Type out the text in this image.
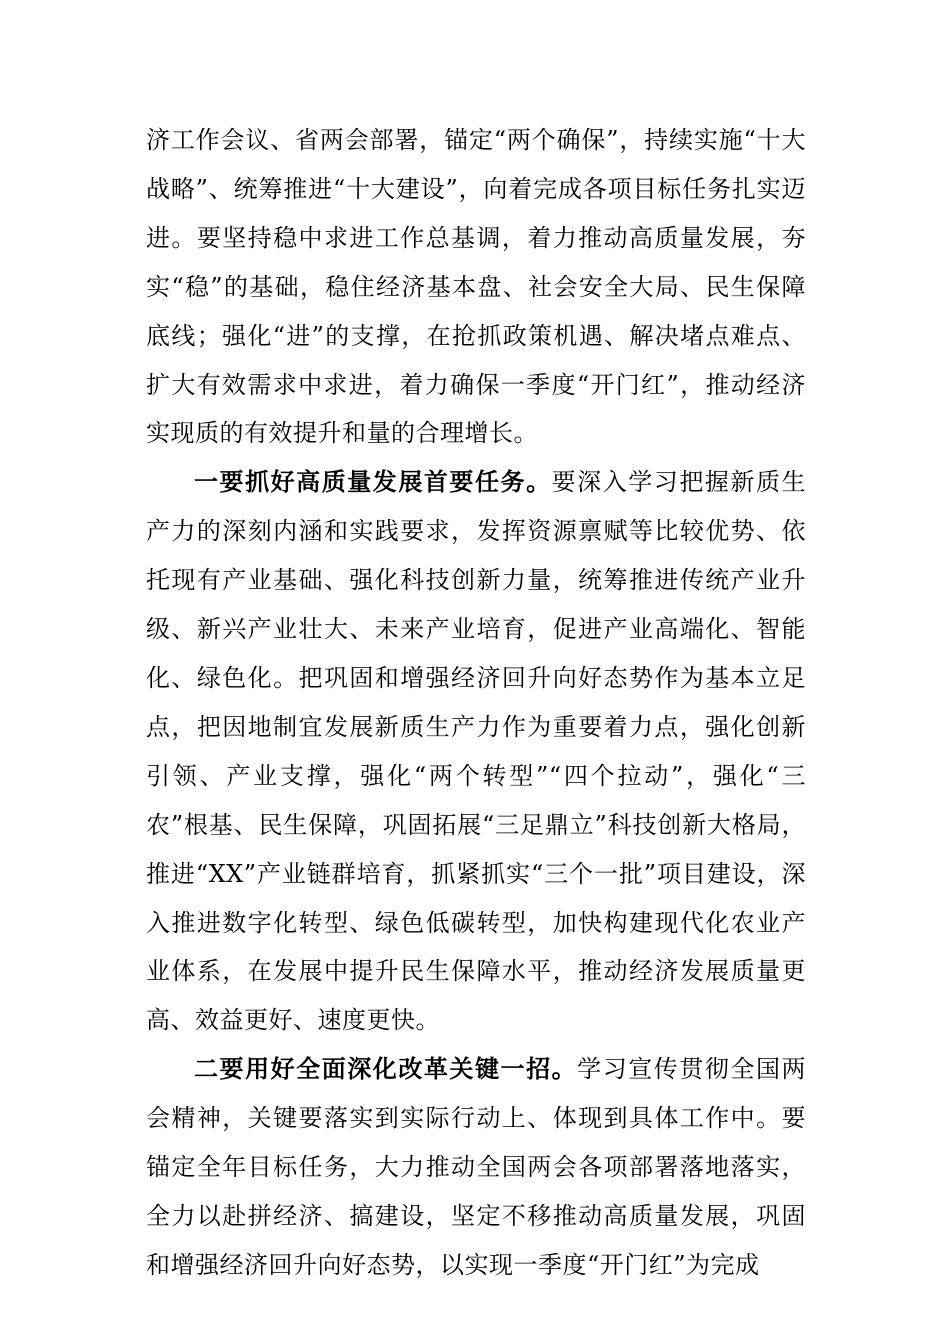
济工作会议、省两会部署，锚定“两个确保”，持续实施“十大战略”、统筹推进“十大建设”，向着完成各项目标任务扎实迈进。要坚持稳中求进工作总基调，着力推动高质量发展，夯实“稳”的基础，稳住经济基本盘、社会安全大局、民生保障底线；强化“进”的支撑，在抢抓政策机遇、解决堵点难点、扩大有效需求中求进，着力确保一季度“开门红”，推动经济实现质的有效提升和量的合理增长。

一要抓好高质量发展首要任务。要深入学习把握新质生产力的深刻内涵和实践要求，发挥资源禀赋等比较优势、依托现有产业基础、强化科技创新力量，统筹推进传统产业升级、新兴产业壮大、未来产业培育，促进产业高端化、智能化、绿色化。把巩固和增强经济回升向好态势作为基本立足点，把因地制宜发展新质生产力作为重要着力点，强化创新引领、产业支撑，强化“两个转型”“四个拉动”，强化“三农”根基、民生保障，巩固拓展“三足鼎立”科技创新大格局，推进“XX”产业链群培育，抓紧抓实“三个一批”项目建设，深入推进数字化转型、绿色低碳转型，加快构建现代化农业产业体系，在发展中提升民生保障水平，推动经济发展质量更高、效益更好、速度更快。

二要用好全面深化改革关键一招。学习宣传贯彻全国两会精神，关键要落实到实际行动上、体现到具体工作中。要锚定全年目标任务，大力推动全国两会各项部署落地落实，全力以赴拼经济、搞建设，坚定不移推动高质量发展，巩固和增强经济回升向好态势，以实现一季度“开门红”为完成
